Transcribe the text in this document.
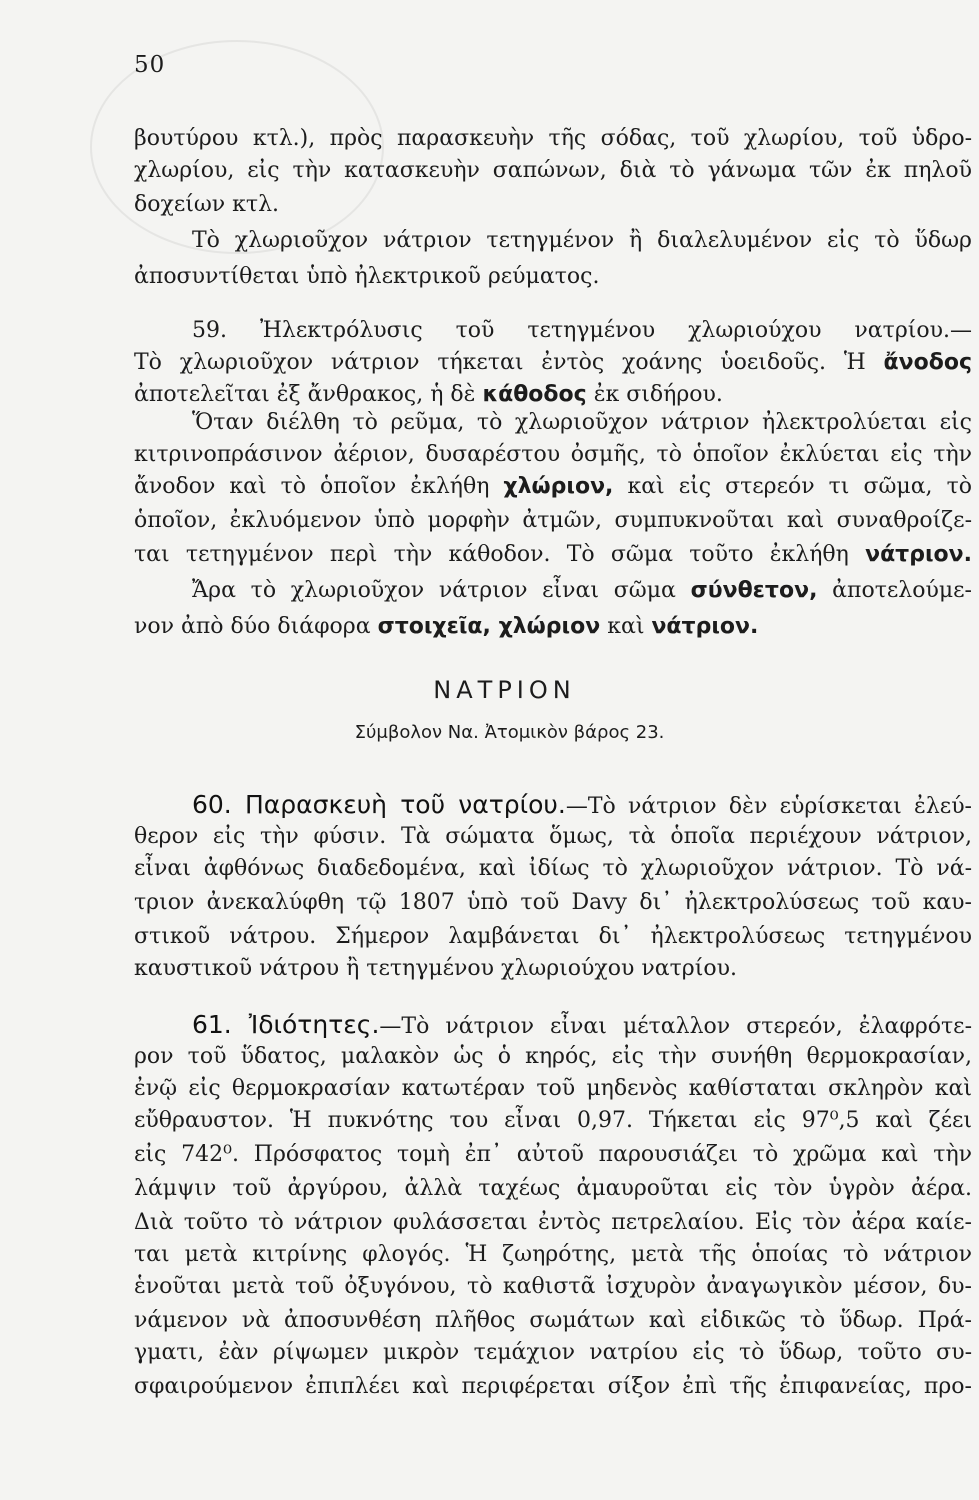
50
βουτύρου κτλ.), πρὸς παρασκευὴν τῆς σόδας, τοῦ χλωρίου, τοῦ ὑδρο-
χλωρίου, εἰς τὴν κατασκευὴν σαπώνων, διὰ τὸ γάνωμα τῶν ἐκ πηλοῦ
δοχείων κτλ.
Τὸ χλωριοῦχον νάτριον τετηγμένον ἢ διαλελυμένον εἰς τὸ ὕδωρ
ἀποσυντίθεται ὑπὸ ἠλεκτρικοῦ ρεύματος.
59. Ἠλεκτρόλυσις τοῦ τετηγμένου χλωριούχου νατρίου.—
Τὸ χλωριοῦχον νάτριον τήκεται ἐντὸς χοάνης ὑοειδοῦς. Ἡ ἄνοδος
ἀποτελεῖται ἐξ ἄνθρακος, ἡ δὲ κάθοδος ἐκ σιδήρου.
Ὅταν διέλθη τὸ ρεῦμα, τὸ χλωριοῦχον νάτριον ἠλεκτρολύεται εἰς
κιτρινοπράσινον ἀέριον, δυσαρέστου ὀσμῆς, τὸ ὁποῖον ἐκλύεται εἰς τὴν
ἄνοδον καὶ τὸ ὁποῖον ἐκλήθη χλώριον, καὶ εἰς στερεόν τι σῶμα, τὸ
ὁποῖον, ἐκλυόμενον ὑπὸ μορφὴν ἀτμῶν, συμπυκνοῦται καὶ συναθροίζε-
ται τετηγμένον περὶ τὴν κάθοδον. Τὸ σῶμα τοῦτο ἐκλήθη νάτριον.
Ἄρα τὸ χλωριοῦχον νάτριον εἶναι σῶμα σύνθετον, ἀποτελούμε-
νον ἀπὸ δύο διάφορα στοιχεῖα, χλώριον καὶ νάτριον.
ΝΑΤΡΙΟΝ
Σύμβολον Να. Ἀτομικὸν βάρος 23.
60. Παρασκευὴ τοῦ νατρίου.—Τὸ νάτριον δὲν εὑρίσκεται ἐλεύ-
θερον εἰς τὴν φύσιν. Τὰ σώματα ὅμως, τὰ ὁποῖα περιέχουν νάτριον,
εἶναι ἀφθόνως διαδεδομένα, καὶ ἰδίως τὸ χλωριοῦχον νάτριον. Τὸ νά-
τριον ἀνεκαλύφθη τῷ 1807 ὑπὸ τοῦ Davy δι᾿ ἠλεκτρολύσεως τοῦ καυ-
στικοῦ νάτρου. Σήμερον λαμβάνεται δι᾿ ἠλεκτρολύσεως τετηγμένου
καυστικοῦ νάτρου ἢ τετηγμένου χλωριούχου νατρίου.
61. Ἰδιότητες.—Τὸ νάτριον εἶναι μέταλλον στερεόν, ἐλαφρότε-
ρον τοῦ ὕδατος, μαλακὸν ὡς ὁ κηρός, εἰς τὴν συνήθη θερμοκρασίαν,
ἐνῷ εἰς θερμοκρασίαν κατωτέραν τοῦ μηδενὸς καθίσταται σκληρὸν καὶ
εὔθραυστον. Ἡ πυκνότης του εἶναι 0,97. Τήκεται εἰς 97⁰,5 καὶ ζέει
εἰς 742⁰. Πρόσφατος τομὴ ἐπ᾿ αὐτοῦ παρουσιάζει τὸ χρῶμα καὶ τὴν
λάμψιν τοῦ ἀργύρου, ἀλλὰ ταχέως ἀμαυροῦται εἰς τὸν ὑγρὸν ἀέρα.
Διὰ τοῦτο τὸ νάτριον φυλάσσεται ἐντὸς πετρελαίου. Εἰς τὸν ἀέρα καίε-
ται μετὰ κιτρίνης φλογός. Ἡ ζωηρότης, μετὰ τῆς ὁποίας τὸ νάτριον
ἑνοῦται μετὰ τοῦ ὀξυγόνου, τὸ καθιστᾶ ἰσχυρὸν ἀναγωγικὸν μέσον, δυ-
νάμενον νὰ ἀποσυνθέση πλῆθος σωμάτων καὶ εἰδικῶς τὸ ὕδωρ. Πρά-
γματι, ἐὰν ρίψωμεν μικρὸν τεμάχιον νατρίου εἰς τὸ ὕδωρ, τοῦτο συ-
σφαιρούμενον ἐπιπλέει καὶ περιφέρεται σίξον ἐπὶ τῆς ἐπιφανείας, προ-
